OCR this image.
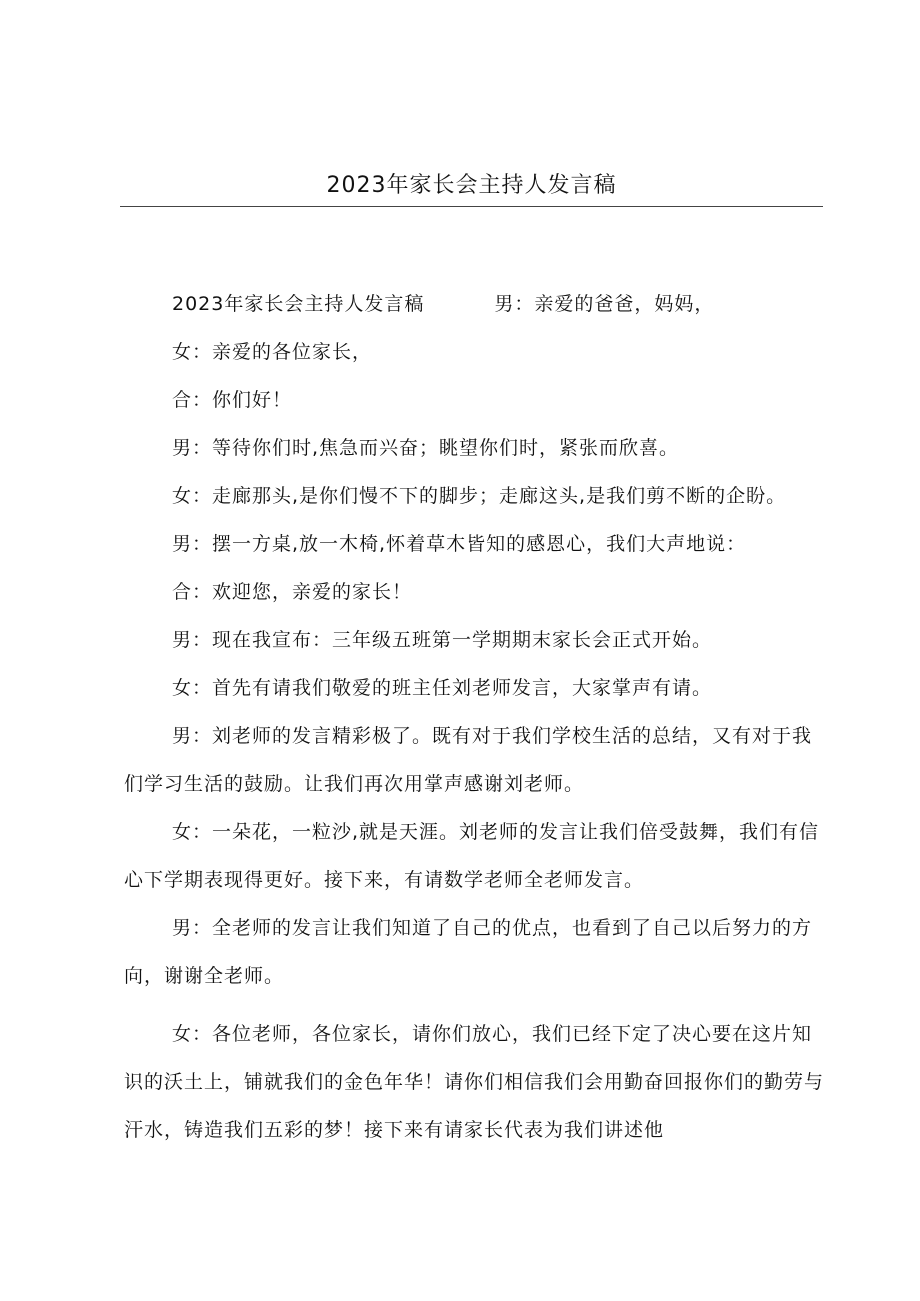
2023年家长会主持人发言稿
2023年家长会主持人发言稿	男：亲爱的爸爸，妈妈，
女：亲爱的各位家长，
合：你们好！
男：等待你们时,焦急而兴奋；眺望你们时，紧张而欣喜。
女：走廊那头,是你们慢不下的脚步；走廊这头,是我们剪不断的企盼。
男：摆一方桌,放一木椅,怀着草木皆知的感恩心，我们大声地说：
合：欢迎您，亲爱的家长！
男：现在我宣布：三年级五班第一学期期末家长会正式开始。
女：首先有请我们敬爱的班主任刘老师发言，大家掌声有请。
男：刘老师的发言精彩极了。既有对于我们学校生活的总结，又有对于我们学习生活的鼓励。让我们再次用掌声感谢刘老师。
女：一朵花，一粒沙,就是天涯。刘老师的发言让我们倍受鼓舞，我们有信心下学期表现得更好。接下来，有请数学老师全老师发言。
男：全老师的发言让我们知道了自己的优点，也看到了自己以后努力的方向，谢谢全老师。
女：各位老师，各位家长，请你们放心，我们已经下定了决心要在这片知识的沃土上，铺就我们的金色年华！请你们相信我们会用勤奋回报你们的勤劳与汗水，铸造我们五彩的梦！接下来有请家长代表为我们讲述他
